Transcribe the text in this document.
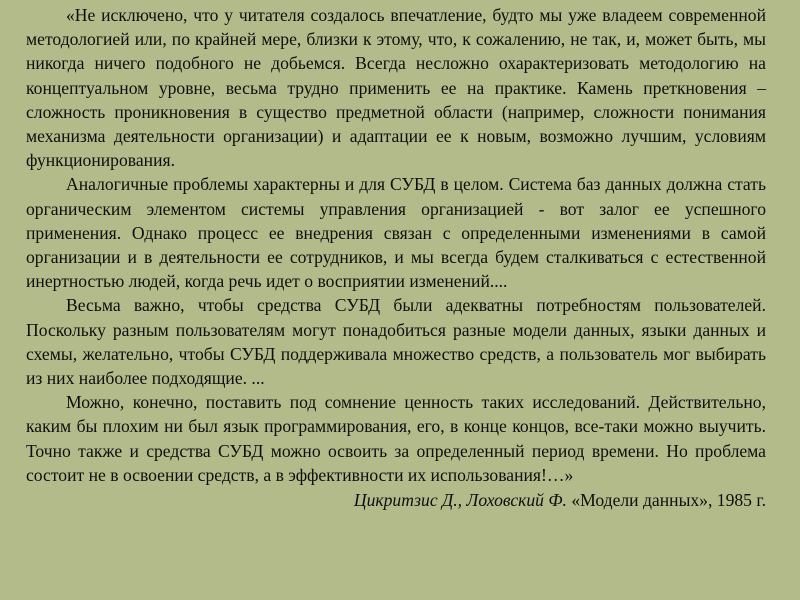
«Не исключено, что у читателя создалось впечатление, будто мы уже владеем современной методологией или, по крайней мере, близки к этому, что, к сожалению, не так, и, может быть, мы никогда ничего подобного не добьемся. Всегда несложно охарактеризовать методологию на концептуальном уровне, весьма трудно применить ее на практике. Камень преткновения – сложность проникновения в существо предметной области (например, сложности понимания механизма деятельности организации) и адаптации ее к новым, возможно лучшим, условиям функционирования.

Аналогичные проблемы характерны и для СУБД в целом. Система баз данных должна стать органическим элементом системы управления организацией - вот залог ее успешного применения. Однако процесс ее внедрения связан с определенными изменениями в самой организации и в деятельности ее сотрудников, и мы всегда будем сталкиваться с естественной инертностью людей, когда речь идет о восприятии изменений....

Весьма важно, чтобы средства СУБД были адекватны потребностям пользователей. Поскольку разным пользователям могут понадобиться разные модели данных, языки данных и схемы, желательно, чтобы СУБД поддерживала множество средств, а пользователь мог выбирать из них наиболее подходящие. ...

Можно, конечно, поставить под сомнение ценность таких исследований. Действительно, каким бы плохим ни был язык программирования, его, в конце концов, все-таки можно выучить. Точно также и средства СУБД можно освоить за определенный период времени. Но проблема состоит не в освоении средств, а в эффективности их использования!…»

Цикритзис Д., Лоховский Ф. «Модели данных», 1985 г.
